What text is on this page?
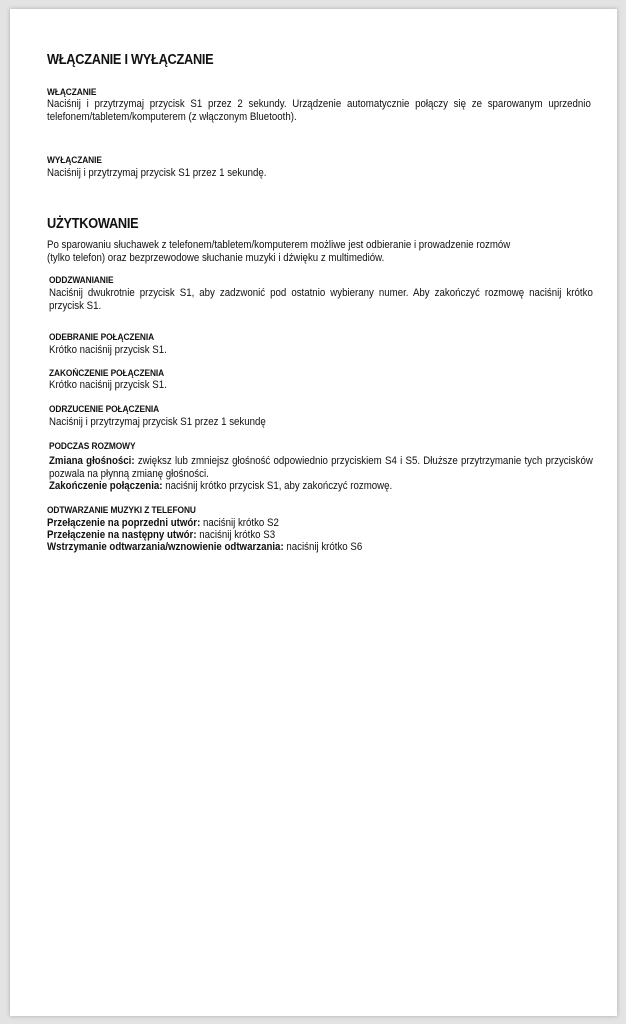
WŁĄCZANIE I WYŁĄCZANIE
WŁĄCZANIE

Naciśnij i przytrzymaj przycisk S1 przez 2 sekundy. Urządzenie automatycznie połączy się ze sparowanym uprzednio telefonem/tabletem/komputerem (z włączonym Bluetooth).

WYŁĄCZANIE

Naciśnij i przytrzymaj przycisk S1 przez 1 sekundę.

UŻYTKOWANIE

Po sparowaniu słuchawek z telefonem/tabletem/komputerem możliwe jest odbieranie i prowadzenie rozmów
(tylko telefon) oraz bezprzewodowe słuchanie muzyki i dźwięku z multimediów.

ODDZWANIANIE

Naciśnij dwukrotnie przycisk S1, aby zadzwonić pod ostatnio wybierany numer. Aby zakończyć rozmowę naciśnij krótko przycisk S1.

ODEBRANIE POŁĄCZENIA

Krótko naciśnij przycisk S1.

ZAKOŃCZENIE POŁĄCZENIA

Krótko naciśnij przycisk S1.

ODRZUCENIE POŁĄCZENIA

Naciśnij i przytrzymaj przycisk S1 przez 1 sekundę

PODCZAS ROZMOWY

Zmiana głośności: zwiększ lub zmniejsz głośność odpowiednio przyciskiem S4 i S5. Dłuższe przytrzymanie tych przycisków pozwala na płynną zmianę głośności.

Zakończenie połączenia: naciśnij krótko przycisk S1, aby zakończyć rozmowę.

ODTWARZANIE MUZYKI Z TELEFONU

Przełączenie na poprzedni utwór: naciśnij krótko S2

Przełączenie na następny utwór: naciśnij krótko S3

Wstrzymanie odtwarzania/wznowienie odtwarzania: naciśnij krótko S6
